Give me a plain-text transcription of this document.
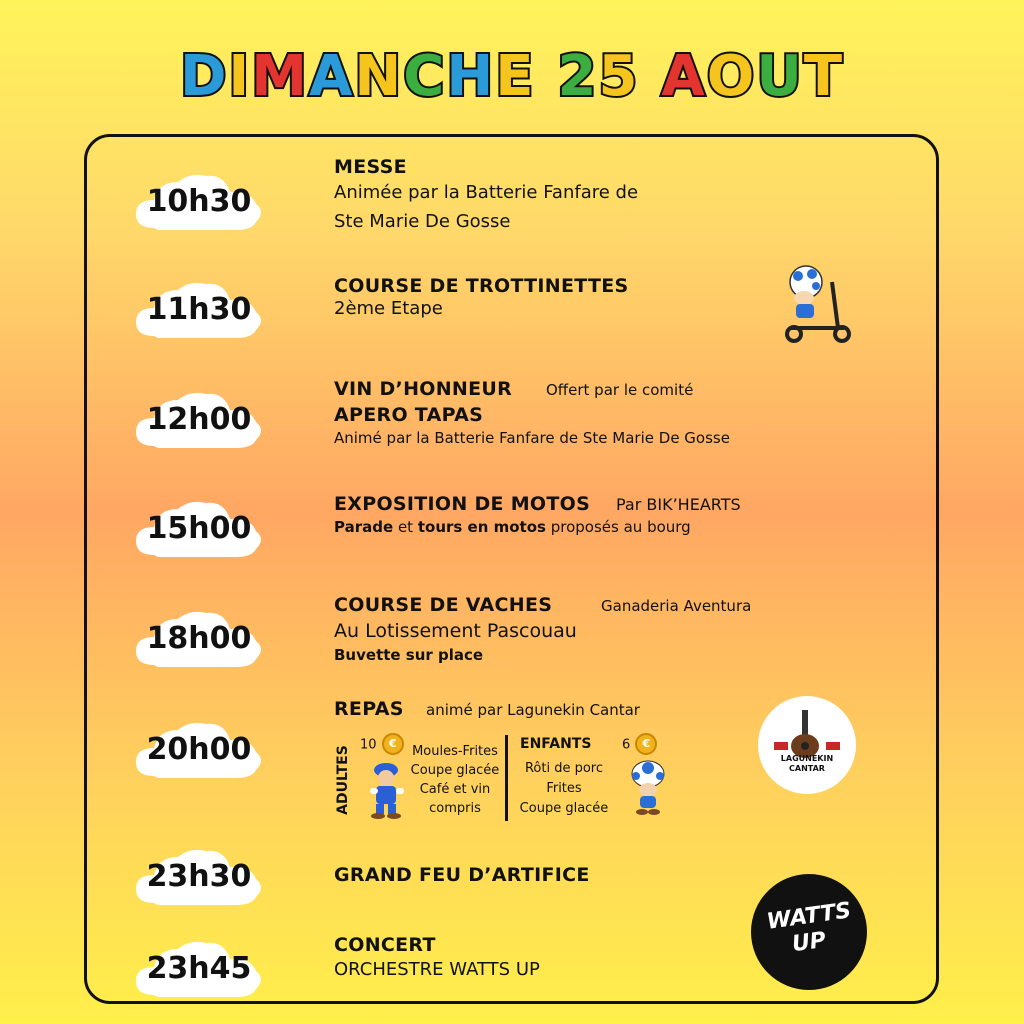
DIMANCHE 25 AOUT
10h30
MESSE
Animée par la Batterie Fanfare de
Ste Marie De Gosse
11h30
COURSE DE TROTTINETTES
2ème Etape
12h00
VIN D’HONNEUR
APERO TAPAS
Animé par la Batterie Fanfare de Ste Marie De Gosse
Offert par le comité
15h00
EXPOSITION DE MOTOS
Parade et tours en motos proposés au bourg
Par BIK’HEARTS
18h00
COURSE DE VACHES
Au Lotissement Pascouau
Buvette sur place
Ganaderia Aventura
20h00
REPAS animé par Lagunekin Cantar
ADULTES
10 €
Moules-Frites
Coupe glacée
Café et vin
compris
ENFANTS 6 €
Rôti de porc
Frites
Coupe glacée
LAGUNEKIN
CANTAR
23h30	GRAND FEU D’ARTIFICE
23h45
CONCERT
ORCHESTRE WATTS UP
WATTS
UP
